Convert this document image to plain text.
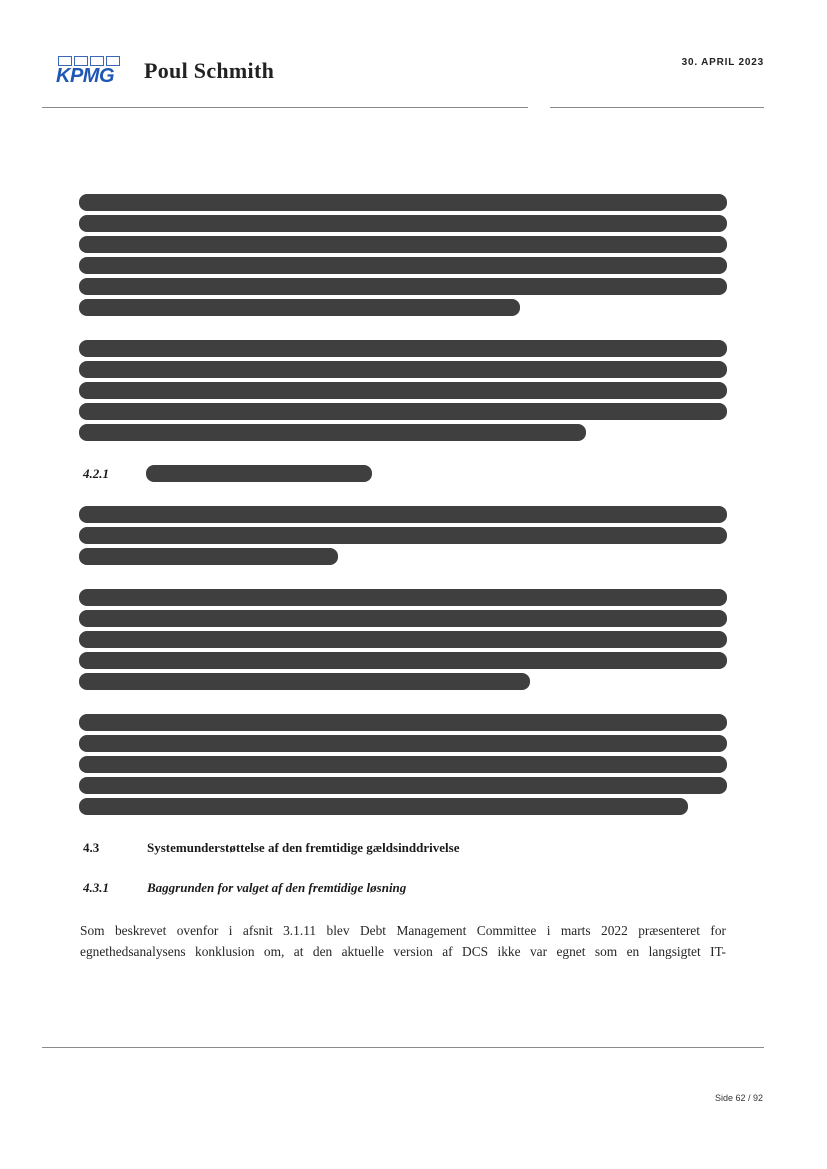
KPMG Poul Schmith	30. APRIL 2023
4.2.1
4.3	Systemunderstøttelse af den fremtidige gældsinddrivelse
4.3.1	Baggrunden for valget af den fremtidige løsning
Som beskrevet ovenfor i afsnit 3.1.11 blev Debt Management Committee i marts 2022 præsenteret for
egnethedsanalysens konklusion om, at den aktuelle version af DCS ikke var egnet som en langsigtet IT-
Side 62 / 92
